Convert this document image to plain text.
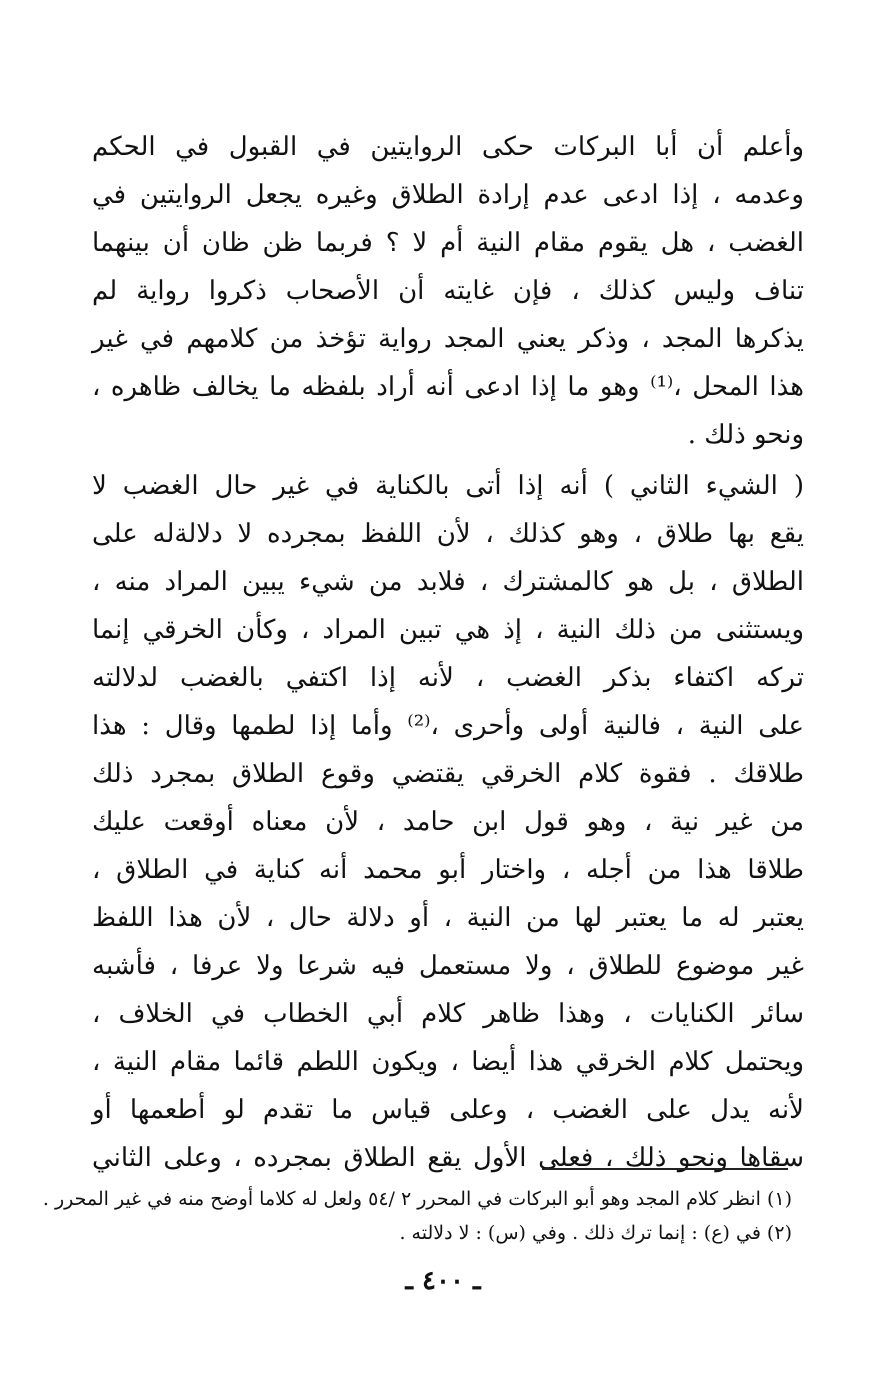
وأعلم أن أبا البركات حكى الروايتين في القبول في الحكم
وعدمه ، إذا ادعى عدم إرادة الطلاق وغيره يجعل الروايتين في
الغضب ، هل يقوم مقام النية أم لا ؟ فربما ظن ظان أن بينهما
تناف وليس كذلك ، فإن غايته أن الأصحاب ذكروا رواية لم
يذكرها المجد ، وذكر يعني المجد رواية تؤخذ من كلامهم في غير
هذا المحل ،⁽¹⁾ وهو ما إذا ادعى أنه أراد بلفظه ما يخالف ظاهره ،
ونحو ذلك .
( الشيء الثاني ) أنه إذا أتى بالكناية في غير حال الغضب لا
يقع بها طلاق ، وهو كذلك ، لأن اللفظ بمجرده لا دلالةله على
الطلاق ، بل هو كالمشترك ، فلابد من شيء يبين المراد منه ،
ويستثنى من ذلك النية ، إذ هي تبين المراد ، وكأن الخرقي إنما
تركه اكتفاء بذكر الغضب ، لأنه إذا اكتفي بالغضب لدلالته
على النية ، فالنية أولى وأحرى ،⁽²⁾ وأما إذا لطمها وقال : هذا
طلاقك . فقوة كلام الخرقي يقتضي وقوع الطلاق بمجرد ذلك
من غير نية ، وهو قول ابن حامد ، لأن معناه أوقعت عليك
طلاقا هذا من أجله ، واختار أبو محمد أنه كناية في الطلاق ،
يعتبر له ما يعتبر لها من النية ، أو دلالة حال ، لأن هذا اللفظ
غير موضوع للطلاق ، ولا مستعمل فيه شرعا ولا عرفا ، فأشبه
سائر الكنايات ، وهذا ظاهر كلام أبي الخطاب في الخلاف ،
ويحتمل كلام الخرقي هذا أيضا ، ويكون اللطم قائما مقام النية ،
لأنه يدل على الغضب ، وعلى قياس ما تقدم لو أطعمها أو
سقاها ونحو ذلك ، فعلى الأول يقع الطلاق بمجرده ، وعلى الثاني
(١) انظر كلام المجد وهو أبو البركات في المحرر ٢ /٥٤ ولعل له كلاما أوضح منه في غير المحرر .
(٢) في (ع) : إنما ترك ذلك . وفي (س) : لا دلالته .
ـ ٤٠٠ ـ
